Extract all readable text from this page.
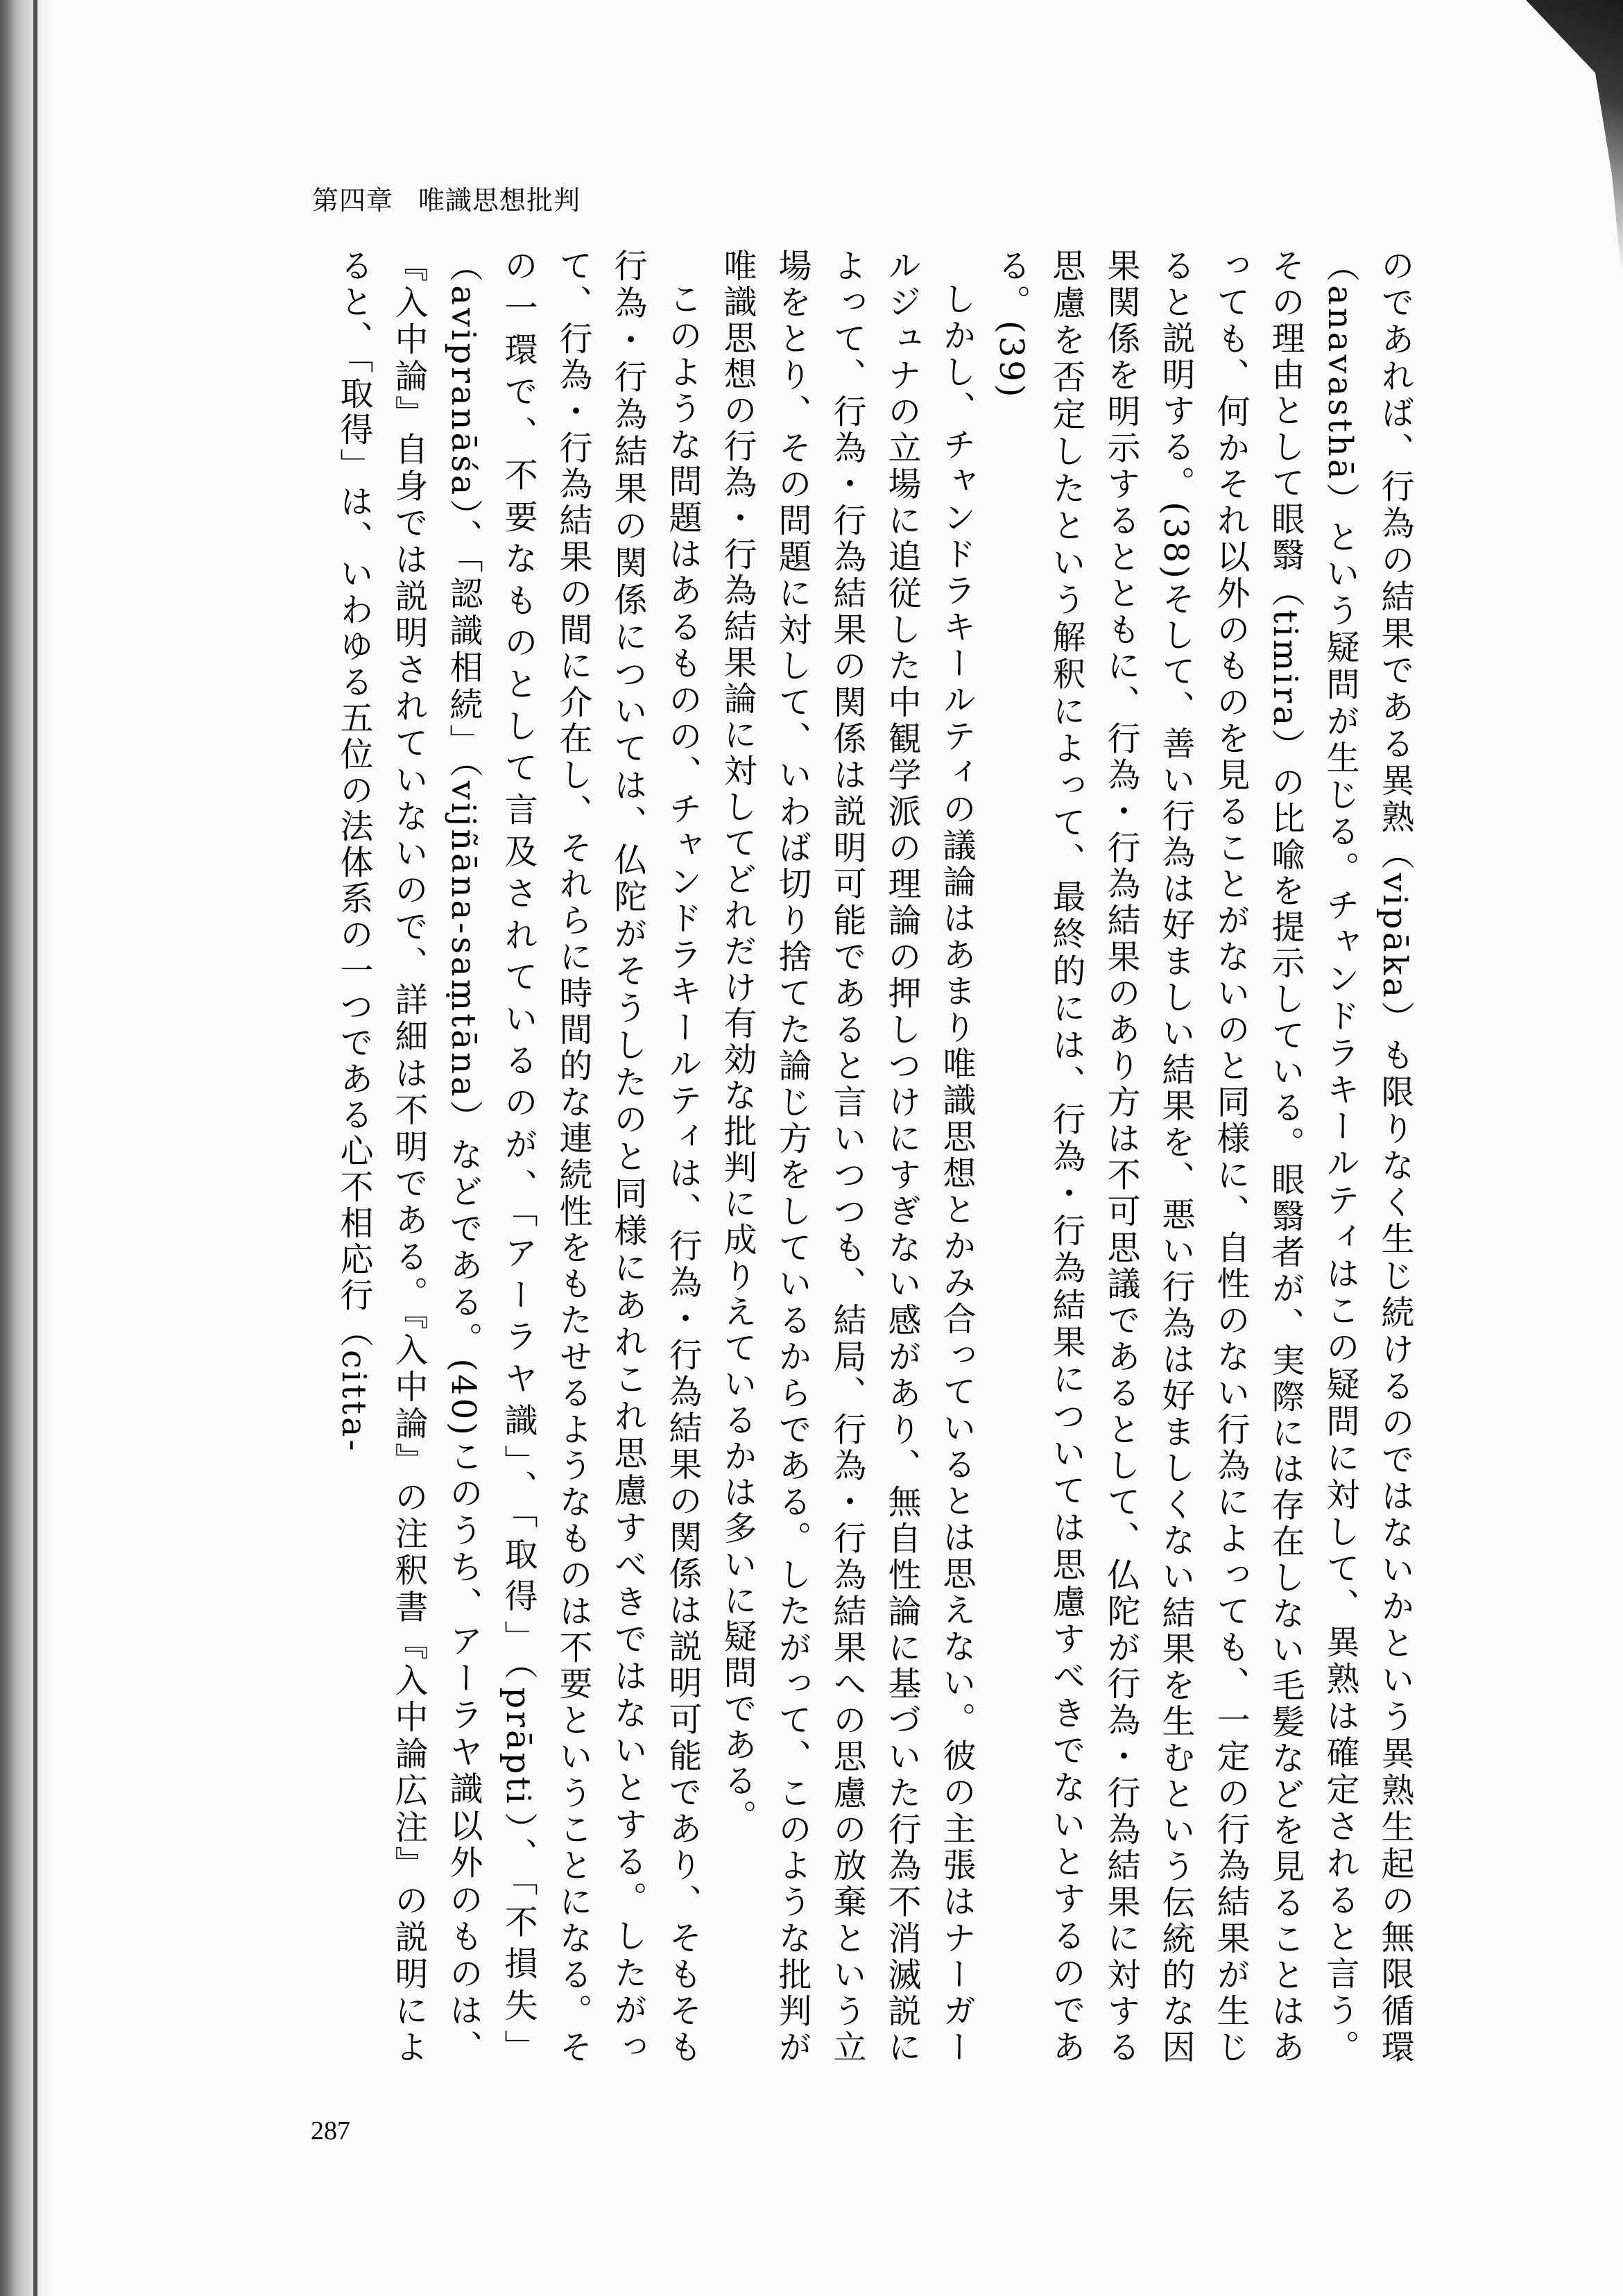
第四章 唯識思想批判

のであれば、行為の結果である異熟（vipāka）も限りなく生じ続けるのではないかという異熟生起の無限循環（anavasthā）という疑問が生じる。チャンドラキールティはこの疑問に対して、異熟は確定されると言う。その理由として眼翳（timira）の比喩を提示している。眼翳者が、実際には存在しない毛髪などを見ることはあっても、何かそれ以外のものを見ることがないのと同様に、自性のない行為によっても、一定の行為結果が生じると説明する。(38)そして、善い行為は好ましい結果を、悪い行為は好ましくない結果を生むという伝統的な因果関係を明示するとともに、行為・行為結果のあり方は不可思議であるとして、仏陀が行為・行為結果に対する思慮を否定したという解釈によって、最終的には、行為・行為結果については思慮すべきでないとするのである。(39)

しかし、チャンドラキールティの議論はあまり唯識思想とかみ合っているとは思えない。彼の主張はナーガールジュナの立場に追従した中観学派の理論の押しつけにすぎない感があり、無自性論に基づいた行為不消滅説によって、行為・行為結果の関係は説明可能であると言いつつも、結局、行為・行為結果への思慮の放棄という立場をとり、その問題に対して、いわば切り捨てた論じ方をしているからである。したがって、このような批判が唯識思想の行為・行為結果論に対してどれだけ有効な批判に成りえているかは多いに疑問である。

このような問題はあるものの、チャンドラキールティは、行為・行為結果の関係は説明可能であり、そもそも行為・行為結果の関係については、仏陀がそうしたのと同様にあれこれ思慮すべきではないとする。したがって、行為・行為結果の間に介在し、それらに時間的な連続性をもたせるようなものは不要ということになる。その一環で、不要なものとして言及されているのが、「アーラヤ識」、「取得」（prāpti）、「不損失」（avipranāśa）、「認識相続」（vijñāna-saṃtāna）などである。(40)このうち、アーラヤ識以外のものは、『入中論』自身では説明されていないので、詳細は不明である。『入中論』の注釈書『入中論広注』の説明によると、「取得」は、いわゆる五位の法体系の一つである心不相応行（citta-

287
